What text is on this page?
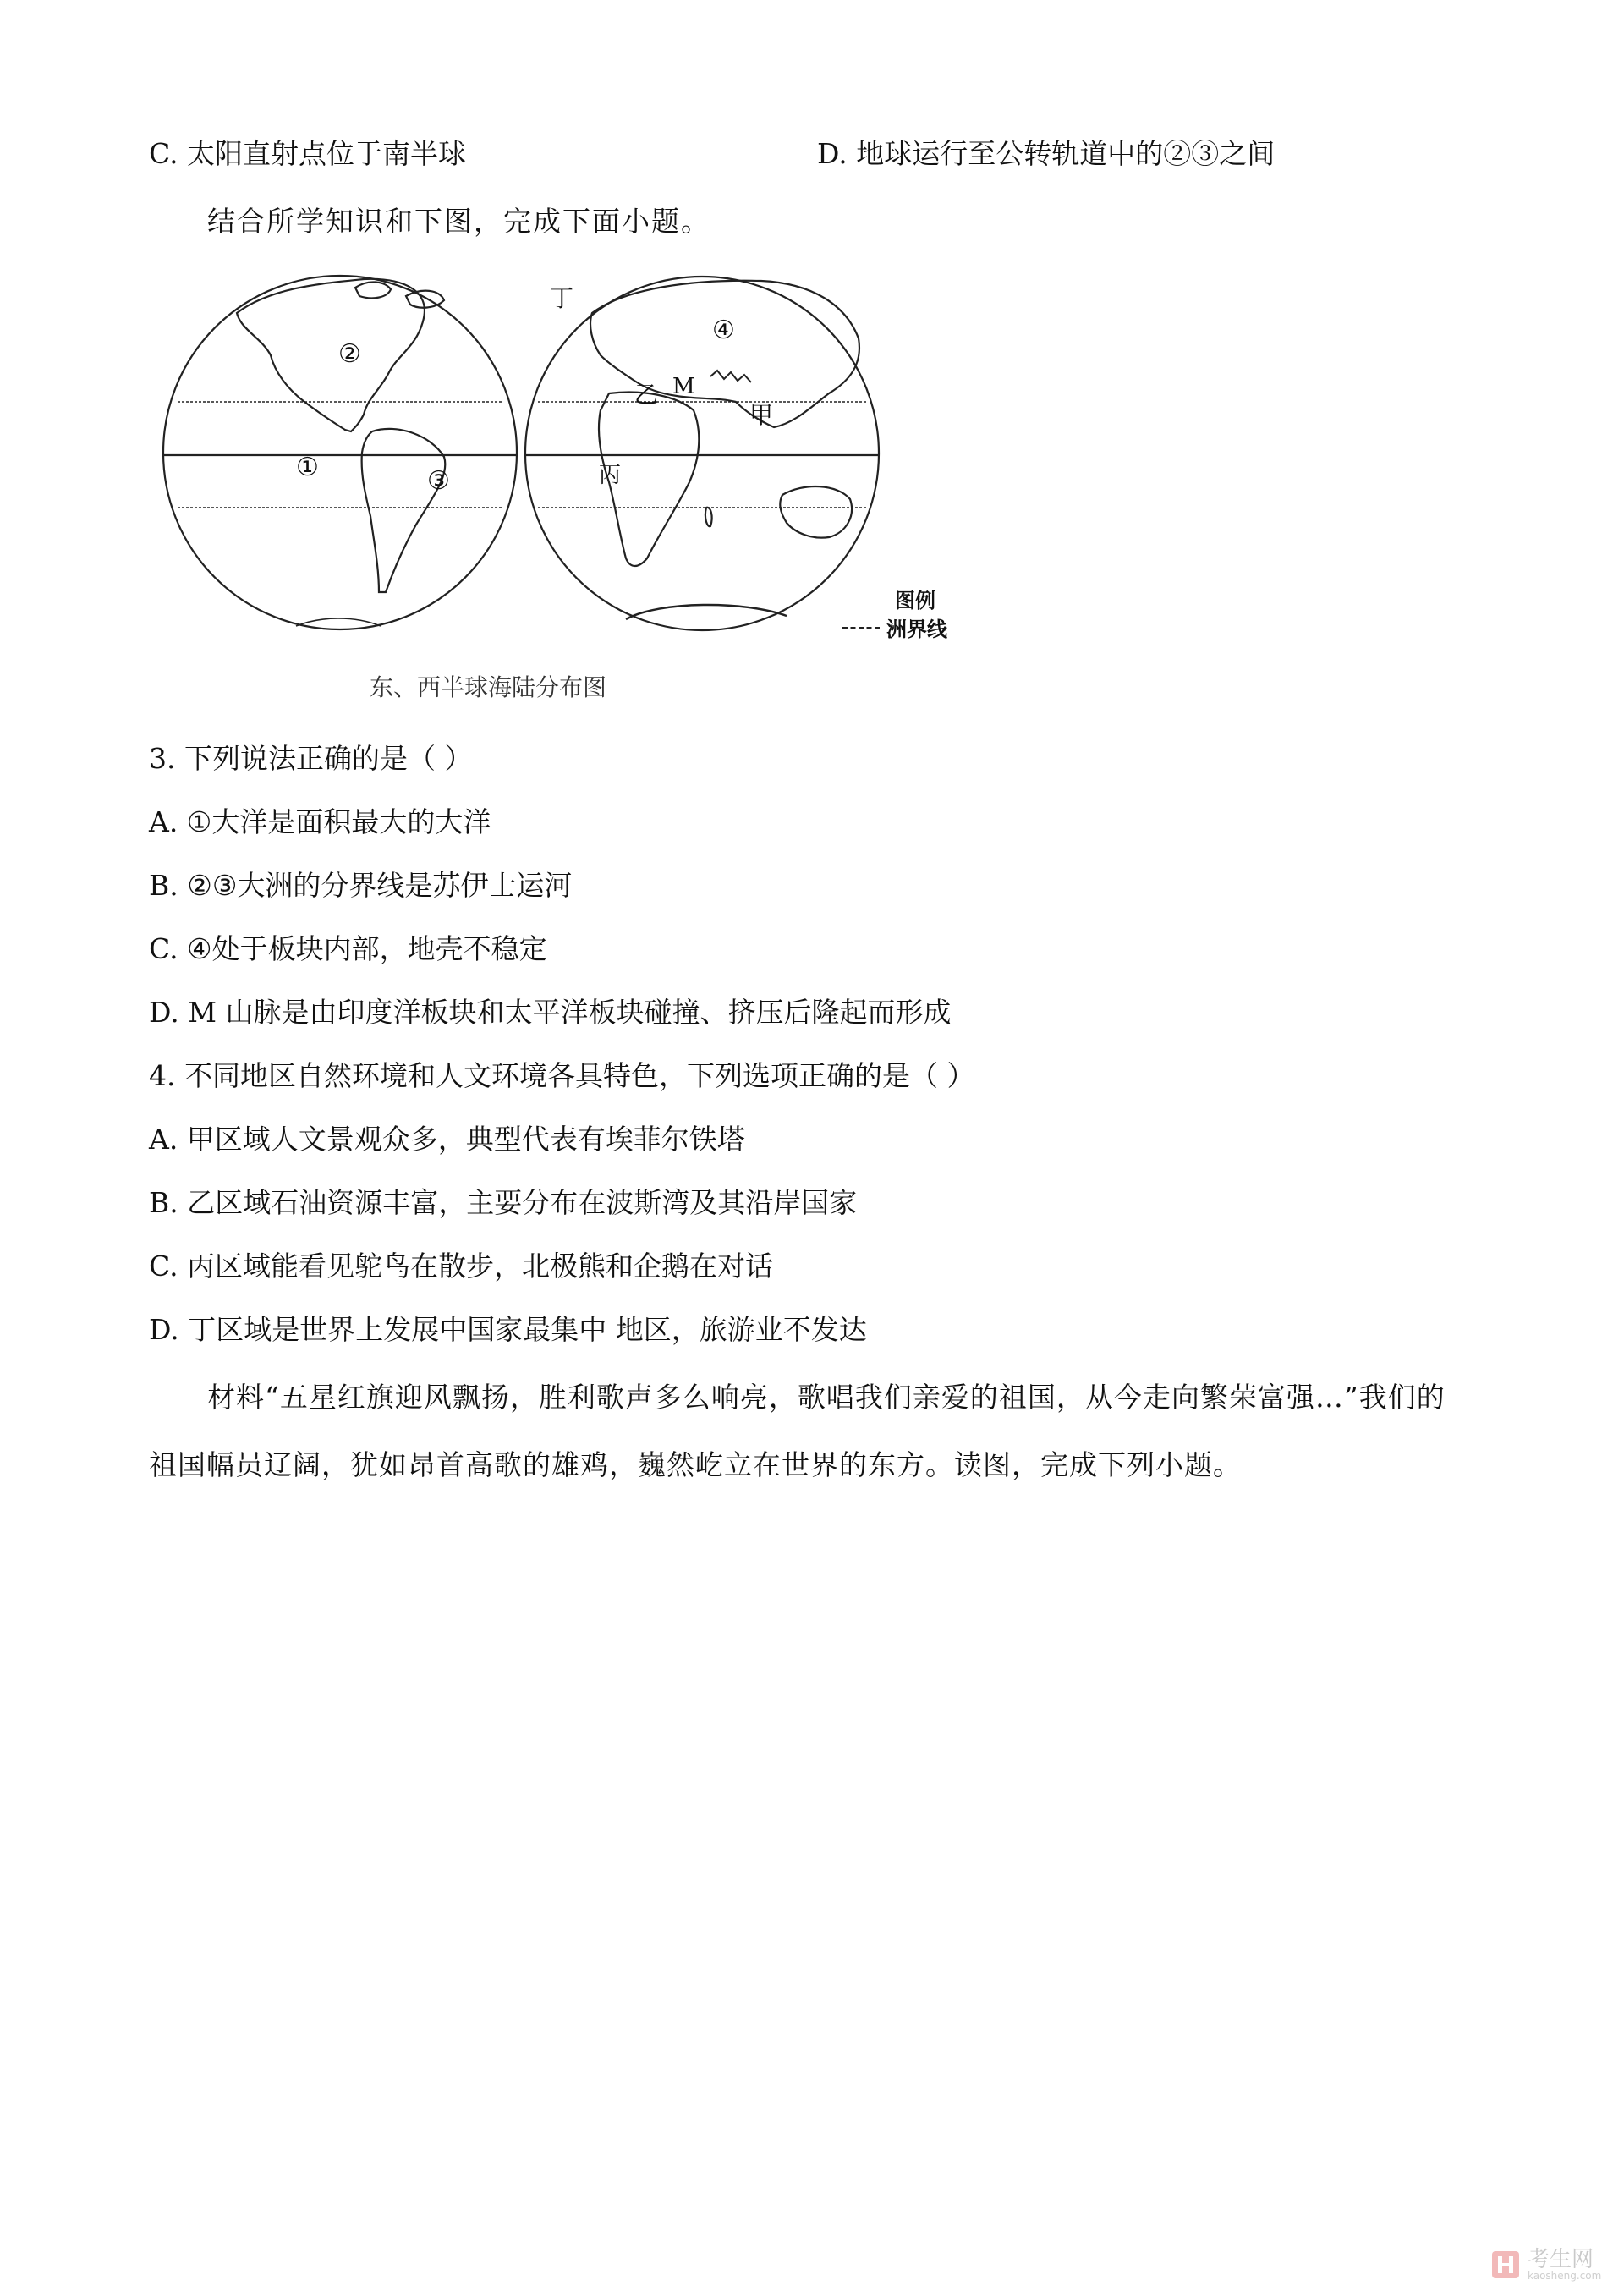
C. 太阳直射点位于南半球	D. 地球运行至公转轨道中的②③之间
结合所学知识和下图，完成下面小题。
①
②
③
④
丁
乙 M
甲
丙
图例
洲界线
东、西半球海陆分布图
3. 下列说法正确的是（ ）
A. ①大洋是面积最大的大洋
B. ②③大洲的分界线是苏伊士运河
C. ④处于板块内部，地壳不稳定
D. M 山脉是由印度洋板块和太平洋板块碰撞、挤压后隆起而形成
4. 不同地区自然环境和人文环境各具特色，下列选项正确的是（ ）
A. 甲区域人文景观众多，典型代表有埃菲尔铁塔
B. 乙区域石油资源丰富，主要分布在波斯湾及其沿岸国家
C. 丙区域能看见鸵鸟在散步，北极熊和企鹅在对话
D. 丁区域是世界上发展中国家最集中 地区，旅游业不发达
材料“五星红旗迎风飘扬，胜利歌声多么响亮，歌唱我们亲爱的祖国，从今走向繁荣富强…”我们的
祖国幅员辽阔，犹如昂首高歌的雄鸡，巍然屹立在世界的东方。读图，完成下列小题。
考生网
kaosheng.com
